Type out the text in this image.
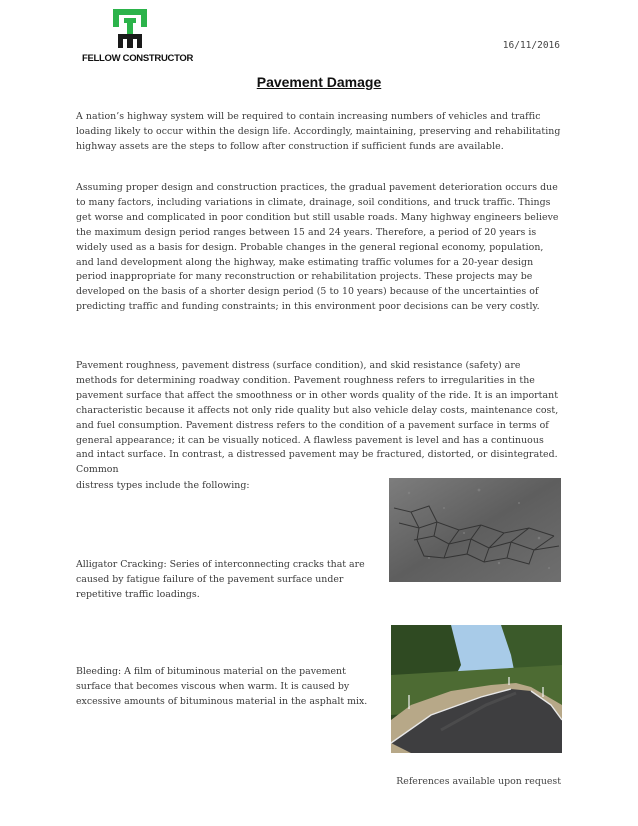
FELLOW CONSTRUCTOR
16/11/2016
Pavement Damage

A nation’s highway system will be required to contain increasing numbers of vehicles and traffic loading likely to occur within the design life. Accordingly, maintaining, preserving and rehabilitating highway assets are the steps to follow after construction if sufficient funds are available.

Assuming proper design and construction practices, the gradual pavement deterioration occurs due to many factors, including variations in climate, drainage, soil conditions, and truck traffic. Things get worse and complicated in poor condition but still usable roads. Many highway engineers believe the maximum design period ranges between 15 and 24 years. Therefore, a period of 20 years is widely used as a basis for design. Probable changes in the general regional economy, population, and land development along the highway, make estimating traffic volumes for a 20-year design period inappropriate for many reconstruction or rehabilitation projects. These projects may be developed on the basis of a shorter design period (5 to 10 years) because of the uncertainties of predicting traffic and funding constraints; in this environment poor decisions can be very costly.

Pavement roughness, pavement distress (surface condition), and skid resistance (safety) are methods for determining roadway condition. Pavement roughness refers to irregularities in the pavement surface that affect the smoothness or in other words quality of the ride. It is an important characteristic because it affects not only ride quality but also vehicle delay costs, maintenance cost, and fuel consumption. Pavement distress refers to the condition of a pavement surface in terms of general appearance; it can be visually noticed. A flawless pavement is level and has a continuous and intact surface. In contrast, a distressed pavement may be fractured, distorted, or disintegrated. Common

distress types include the following:

Alligator Cracking: Series of interconnecting cracks that are caused by fatigue failure of the pavement surface under repetitive traffic loadings.

Bleeding: A film of bituminous material on the pavement surface that becomes viscous when warm. It is caused by excessive amounts of bituminous material in the asphalt mix.

References available upon request
